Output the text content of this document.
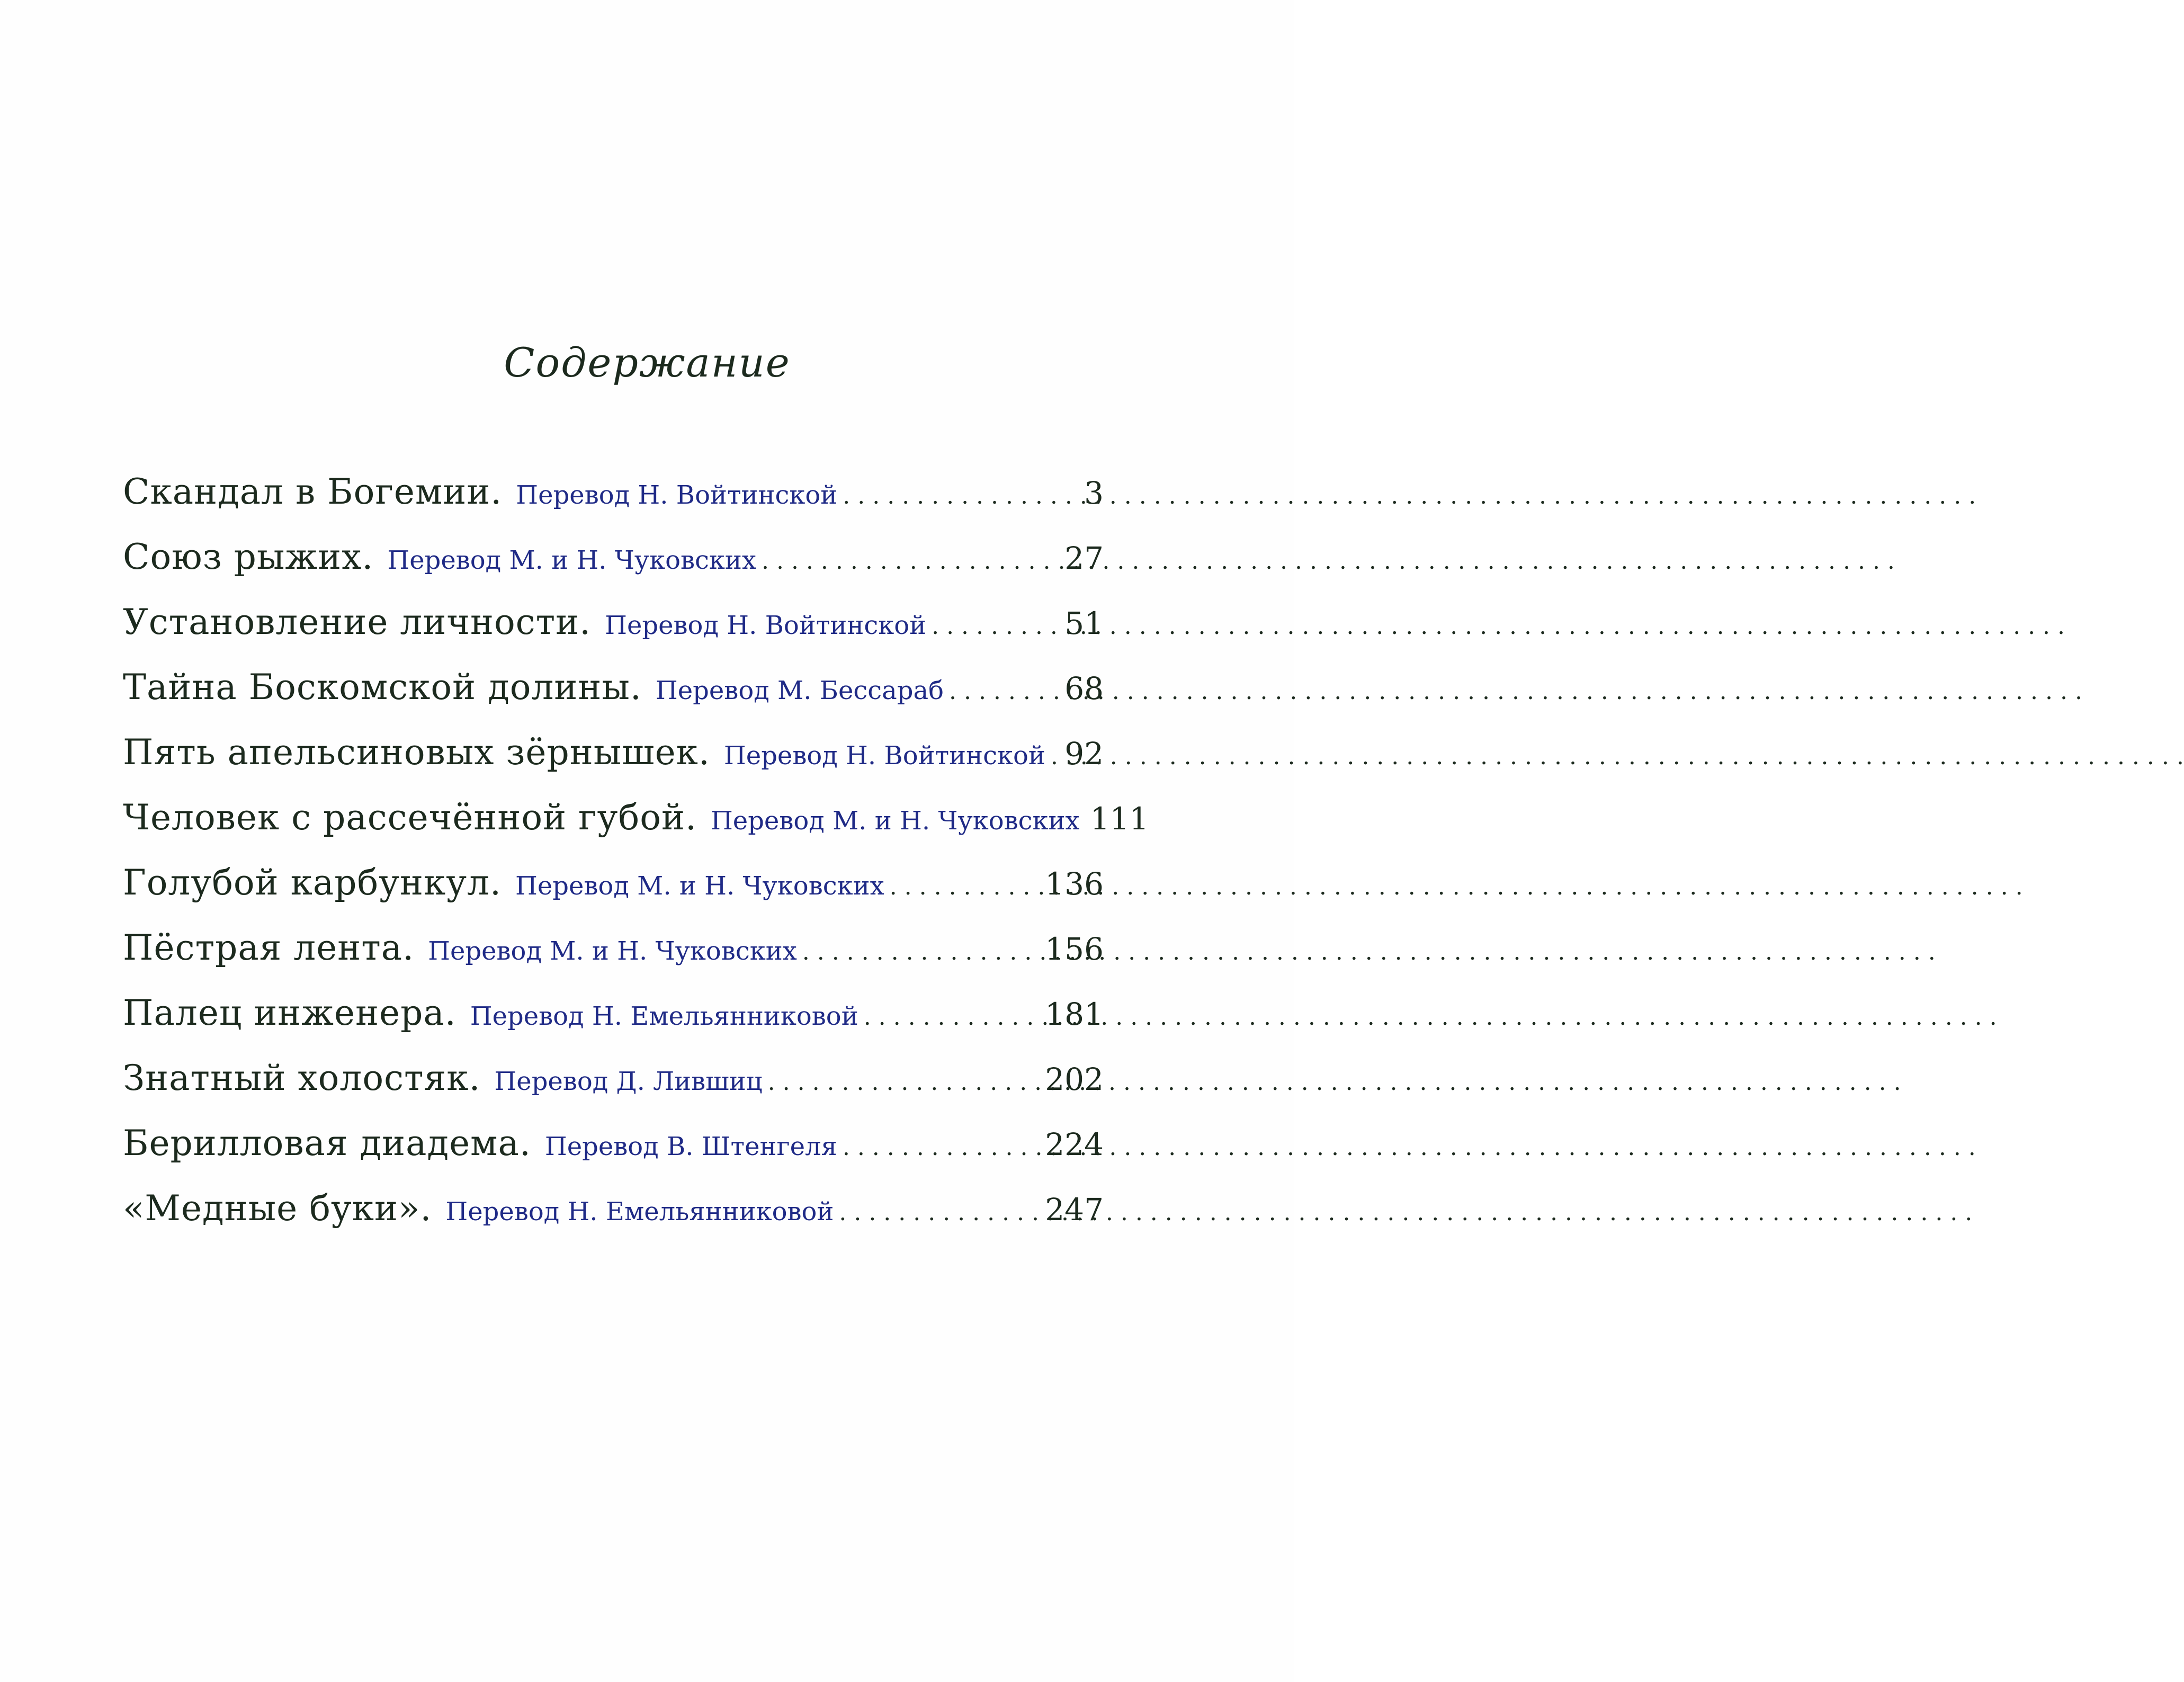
Содержание
Скандал в Богемии. Перевод Н. Войтинской . . .	3
Союз рыжих. Перевод М. и Н. Чуковских . . .	27
Установление личности. Перевод Н. Войтинской . . .	51
Тайна Боскомской долины. Перевод М. Бессараб . . .	68
Пять апельсиновых зёрнышек. Перевод Н. Войтинской . . . 92
Человек с рассечённой губой. Перевод М. и Н. Чуковских 111
Голубой карбункул. Перевод М. и Н. Чуковских . . .	136
Пёстрая лента. Перевод М. и Н. Чуковских . . .	156
Палец инженера. Перевод Н. Емельянниковой . . .	181
Знатный холостяк. Перевод Д. Лившиц . . .	202
Берилловая диадема. Перевод В. Штенгеля . . .	224
«Медные буки». Перевод Н. Емельянниковой . . .	247
